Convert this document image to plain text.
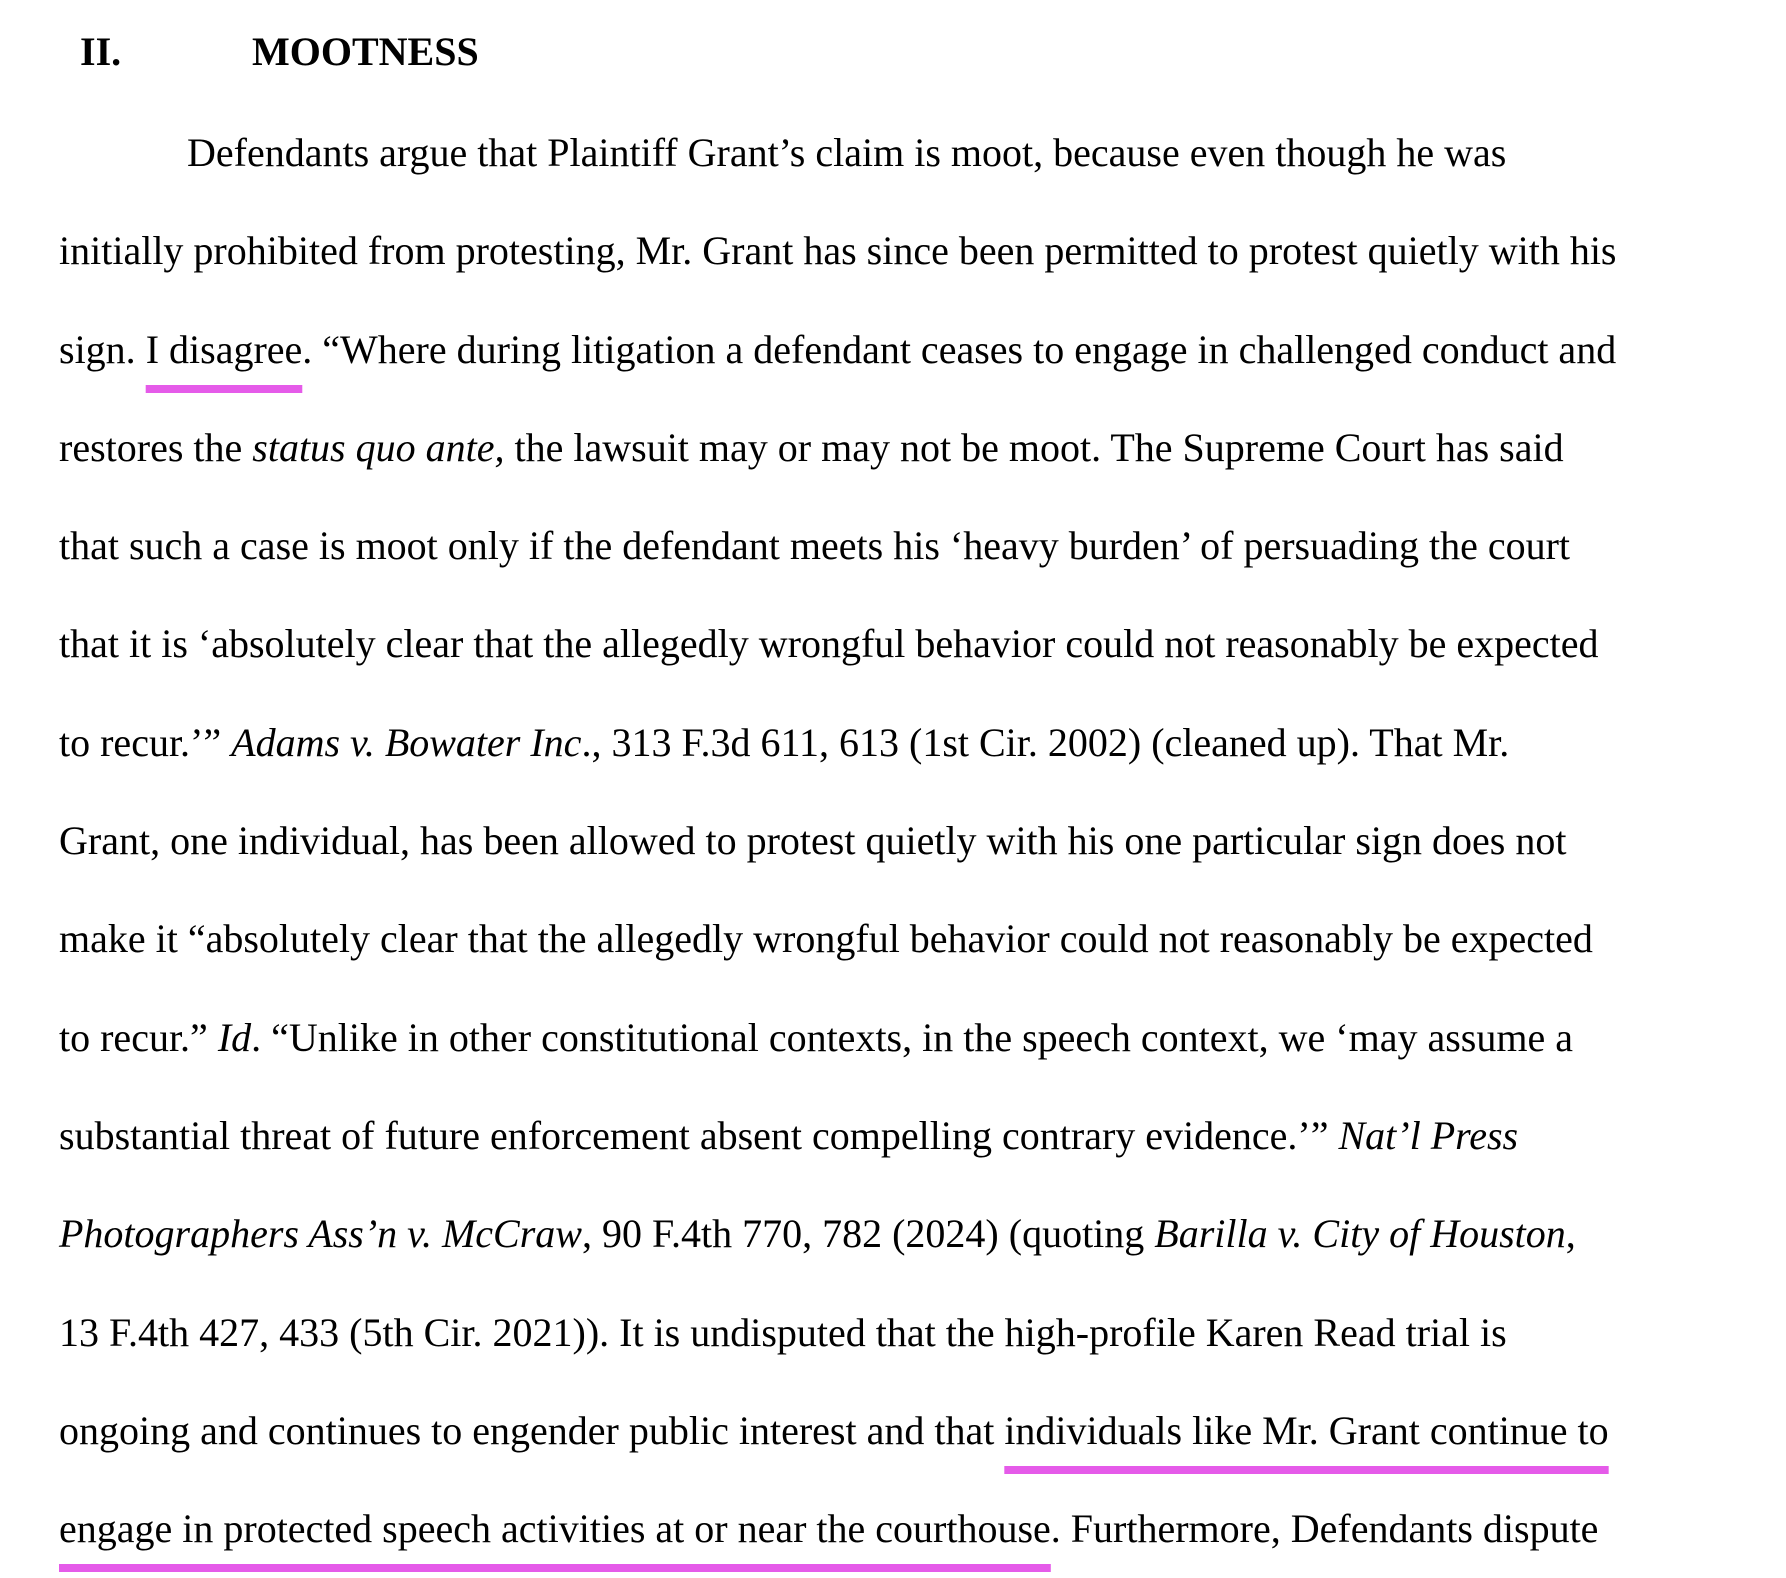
II.	MOOTNESS
Defendants argue that Plaintiff Grant’s claim is moot, because even though he was
initially prohibited from protesting, Mr. Grant has since been permitted to protest quietly with his
sign. I disagree. “Where during litigation a defendant ceases to engage in challenged conduct and
restores the status quo ante, the lawsuit may or may not be moot. The Supreme Court has said
that such a case is moot only if the defendant meets his ‘heavy burden’ of persuading the court
that it is ‘absolutely clear that the allegedly wrongful behavior could not reasonably be expected
to recur.’” Adams v. Bowater Inc., 313 F.3d 611, 613 (1st Cir. 2002) (cleaned up). That Mr.
Grant, one individual, has been allowed to protest quietly with his one particular sign does not
make it “absolutely clear that the allegedly wrongful behavior could not reasonably be expected
to recur.” Id. “Unlike in other constitutional contexts, in the speech context, we ‘may assume a
substantial threat of future enforcement absent compelling contrary evidence.’” Nat’l Press
Photographers Ass’n v. McCraw, 90 F.4th 770, 782 (2024) (quoting Barilla v. City of Houston,
13 F.4th 427, 433 (5th Cir. 2021)). It is undisputed that the high-profile Karen Read trial is
ongoing and continues to engender public interest and that individuals like Mr. Grant continue to
engage in protected speech activities at or near the courthouse. Furthermore, Defendants dispute
